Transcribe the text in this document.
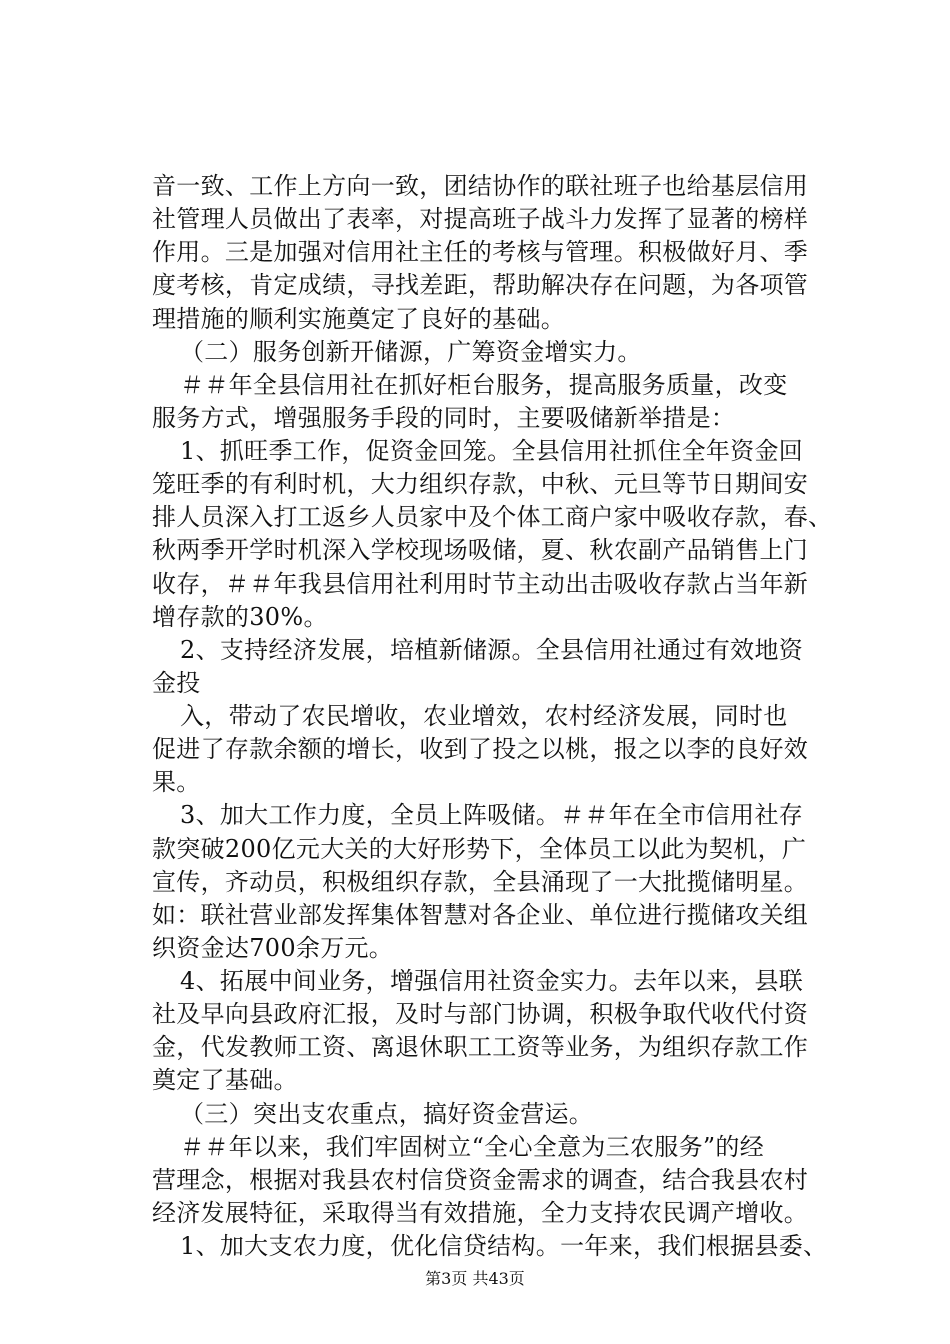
音一致、工作上方向一致，团结协作的联社班子也给基层信用
社管理人员做出了表率，对提高班子战斗力发挥了显著的榜样
作用。三是加强对信用社主任的考核与管理。积极做好月、季
度考核，肯定成绩，寻找差距，帮助解决存在问题，为各项管
理措施的顺利实施奠定了良好的基础。
（二）服务创新开储源，广筹资金增实力。
＃＃年全县信用社在抓好柜台服务，提高服务质量，改变
服务方式，增强服务手段的同时，主要吸储新举措是：
1、抓旺季工作，促资金回笼。全县信用社抓住全年资金回
笼旺季的有利时机，大力组织存款，中秋、元旦等节日期间安
排人员深入打工返乡人员家中及个体工商户家中吸收存款，春、
秋两季开学时机深入学校现场吸储，夏、秋农副产品销售上门
收存，＃＃年我县信用社利用时节主动出击吸收存款占当年新
增存款的30%。
2、支持经济发展，培植新储源。全县信用社通过有效地资
金投
入，带动了农民增收，农业增效，农村经济发展，同时也
促进了存款余额的增长，收到了投之以桃，报之以李的良好效
果。
3、加大工作力度，全员上阵吸储。＃＃年在全市信用社存
款突破200亿元大关的大好形势下，全体员工以此为契机，广
宣传，齐动员，积极组织存款，全县涌现了一大批揽储明星。
如：联社营业部发挥集体智慧对各企业、单位进行揽储攻关组
织资金达700余万元。
4、拓展中间业务，增强信用社资金实力。去年以来，县联
社及早向县政府汇报，及时与部门协调，积极争取代收代付资
金，代发教师工资、离退休职工工资等业务，为组织存款工作
奠定了基础。
（三）突出支农重点，搞好资金营运。
＃＃年以来，我们牢固树立“全心全意为三农服务”的经
营理念，根据对我县农村信贷资金需求的调查，结合我县农村
经济发展特征，采取得当有效措施，全力支持农民调产增收。
1、加大支农力度，优化信贷结构。一年来，我们根据县委、
第3页 共43页
